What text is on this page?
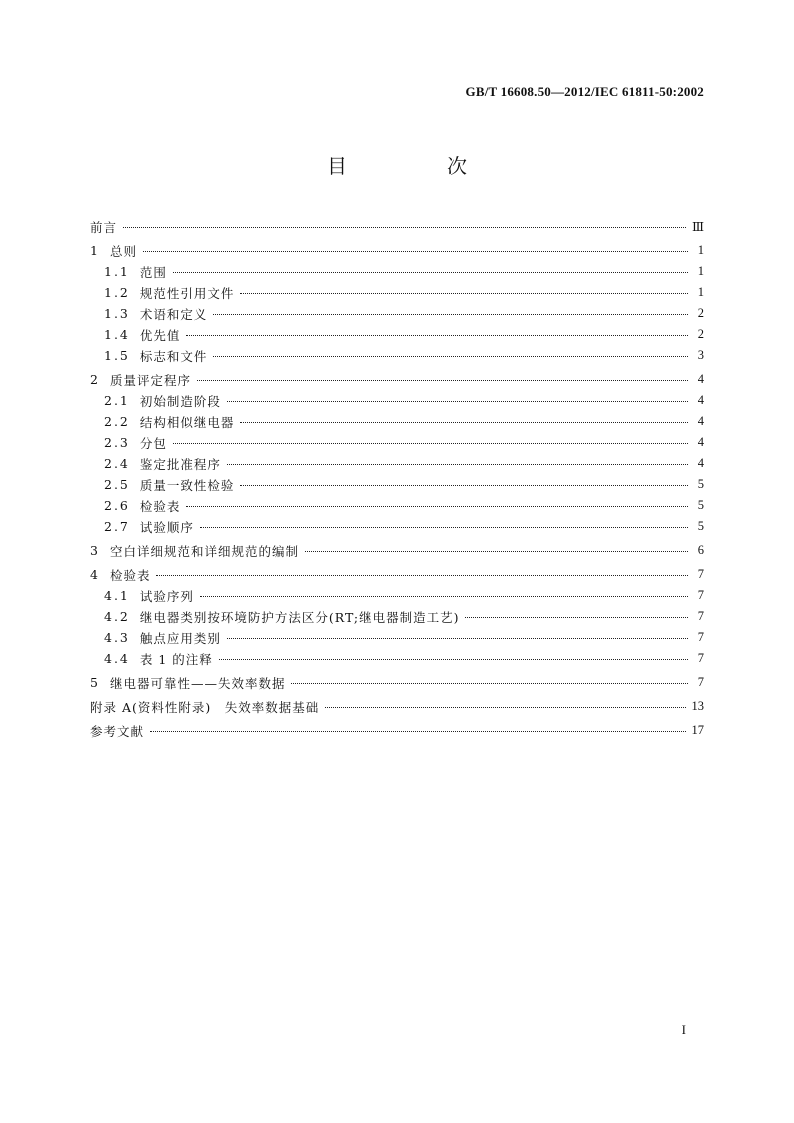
GB/T 16608.50—2012/IEC 61811-50:2002
目　次
前言	Ⅲ
1 总则	1
1.1 范围	1
1.2 规范性引用文件	1
1.3 术语和定义	2
1.4 优先值	2
1.5 标志和文件	3
2 质量评定程序	4
2.1 初始制造阶段	4
2.2 结构相似继电器	4
2.3 分包	4
2.4 鉴定批准程序	4
2.5 质量一致性检验	5
2.6 检验表	5
2.7 试验顺序	5
3 空白详细规范和详细规范的编制	6
4 检验表	7
4.1 试验序列	7
4.2 继电器类别按环境防护方法区分(RT;继电器制造工艺)	7
4.3 触点应用类别	7
4.4 表 1 的注释	7
5 继电器可靠性——失效率数据	7
附录 A(资料性附录)　失效率数据基础	13
参考文献	17
I
